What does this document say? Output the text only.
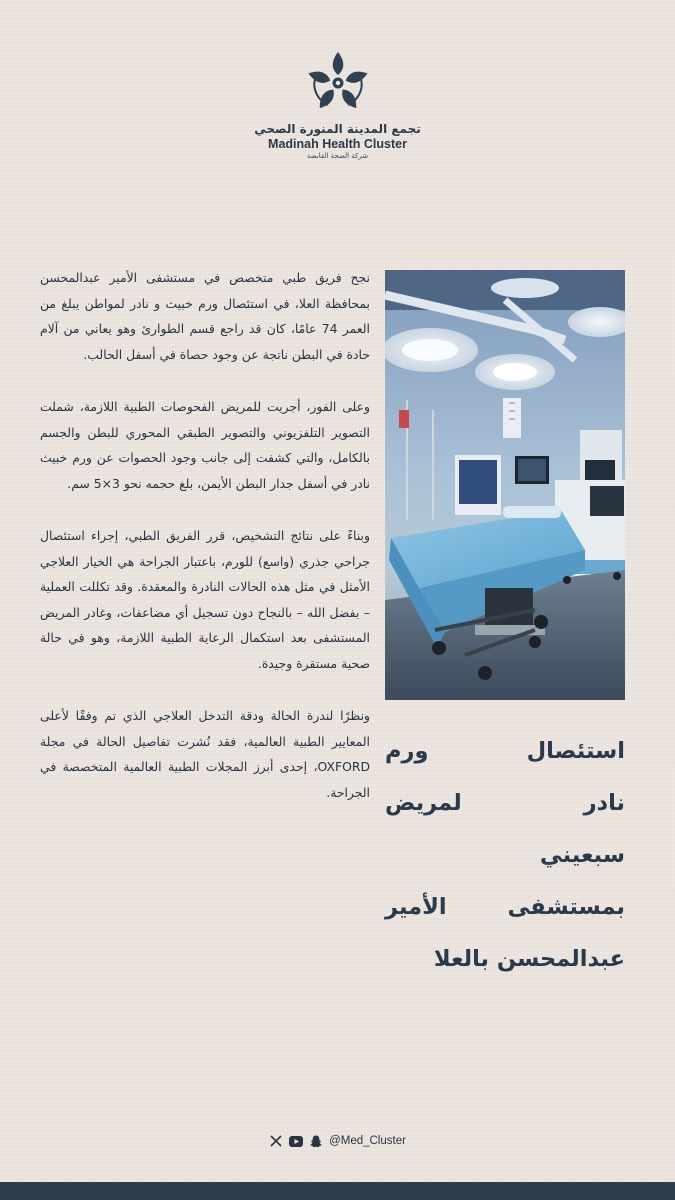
تجمع المدينة المنورة الصحي
Madinah Health Cluster
شركة الصحة القابضة

نجح فريق طبي متخصص في مستشفى الأمير عبدالمحسن بمحافظة العلا، في استئصال ورم خبيث و نادر لمواطن يبلغ من العمر 74 عامًا، كان قد راجع قسم الطوارئ وهو يعاني من آلام حادة في البطن ناتجة عن وجود حصاة في أسفل الحالب.

وعلى الفور، أجريت للمريض الفحوصات الطبية اللازمة، شملت التصوير التلفزيوني والتصوير الطبقي المحوري للبطن والجسم بالكامل، والتي كشفت إلى جانب وجود الحصوات عن ورم خبيث نادر في أسفل جدار البطن الأيمن، بلغ حجمه نحو 3×5 سم.

وبناءً على نتائج التشخيص، قرر الفريق الطبي، إجراء استئصال جراحي جذري (واسع) للورم، باعتبار الجراحة هي الخيار العلاجي الأمثل في مثل هذه الحالات النادرة والمعقدة. وقد تكللت العملية – بفضل الله – بالنجاح دون تسجيل أي مضاعفات، وغادر المريض المستشفى بعد استكمال الرعاية الطبية اللازمة، وهو في حالة صحية مستقرة وجيدة.

ونظرًا لندرة الحالة ودقة التدخل العلاجي الذي تم وفقًا لأعلى المعايير الطبية العالمية، فقد نُشرت تفاصيل الحالة في مجلة OXFORD، إحدى أبرز المجلات الطبية العالمية المتخصصة في الجراحة.

استئصال ورم
نادر لمريض
سبعيني
بمستشفى الأمير
عبدالمحسن بالعلا
@Med_Cluster
